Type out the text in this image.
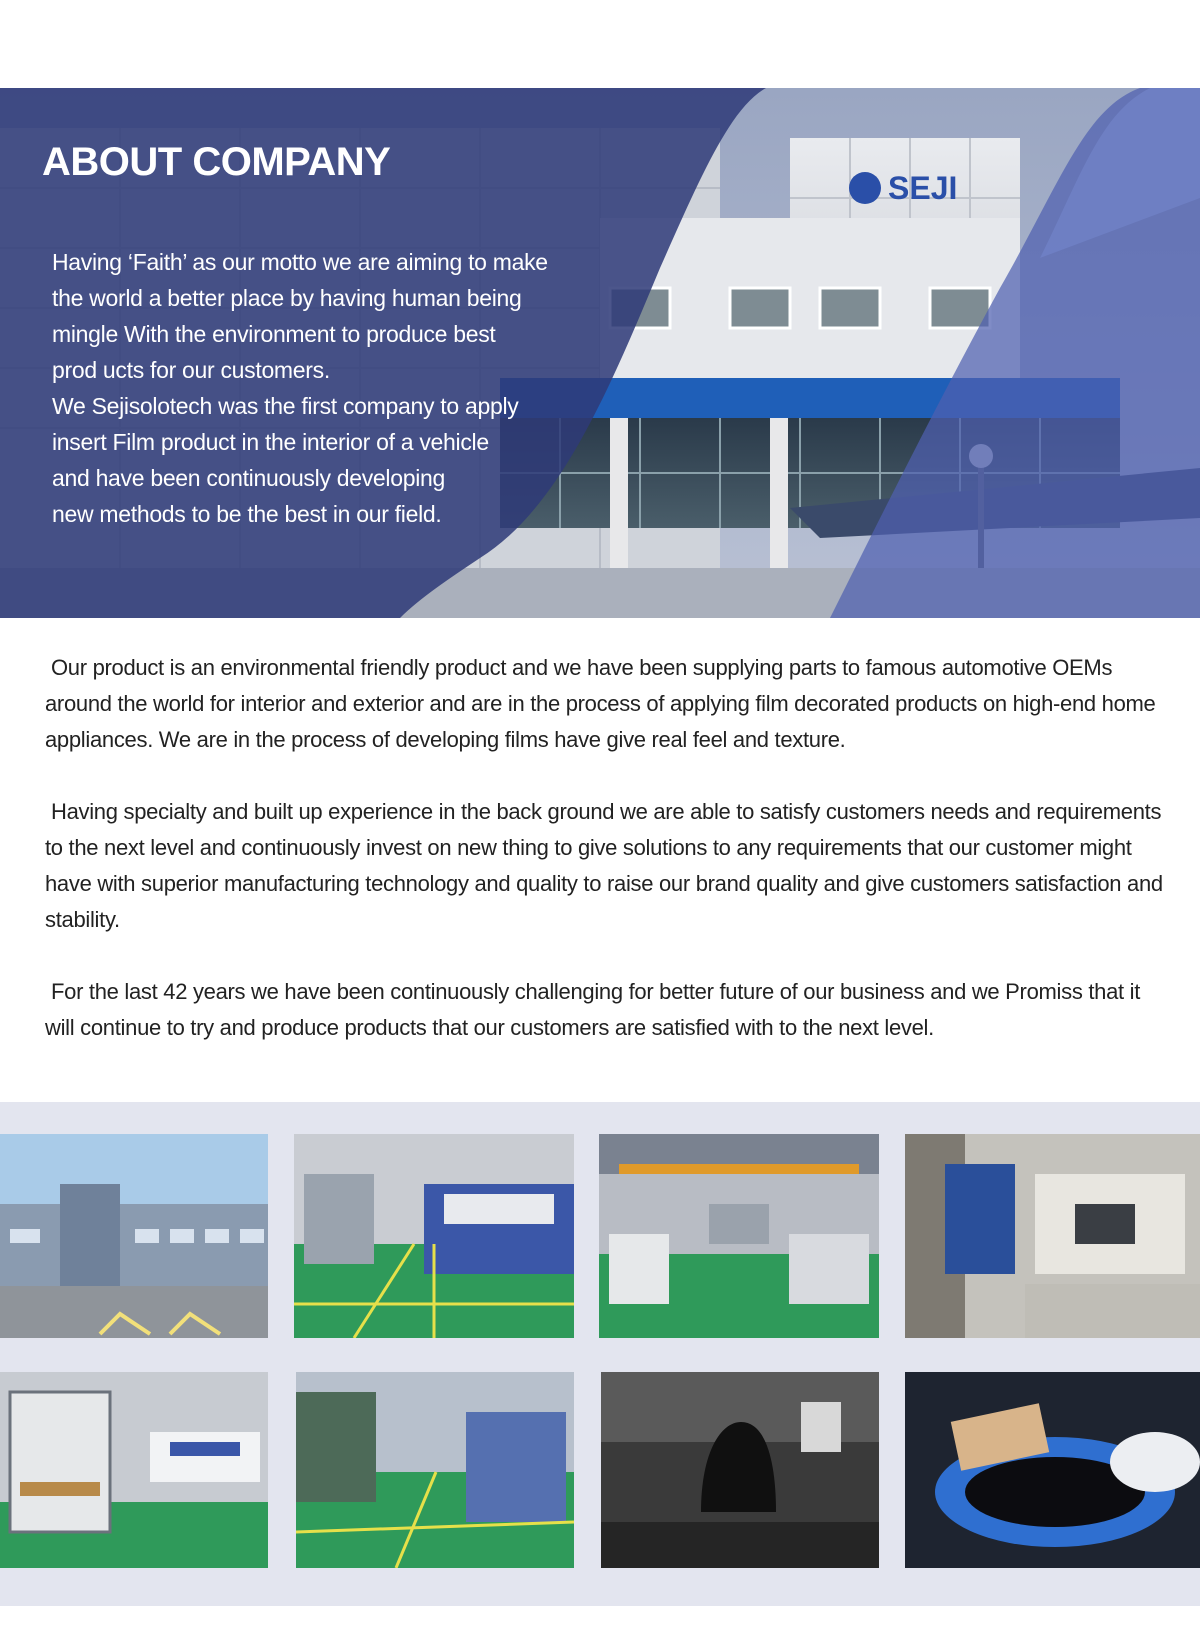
SEJI
ABOUT COMPANY
Having ‘Faith’ as our motto we are aiming to make
the world a better place by having human being
mingle With the environment to produce best
prod ucts for our customers.
We Sejisolotech was the first company to apply
insert Film product in the interior of a vehicle
and have been continuously developing
new methods to be the best in our field.

Our product is an environmental friendly product and we have been supplying parts to famous automotive OEMs around the world for interior and exterior and are in the process of applying film decorated products on high-end home appliances. We are in the process of developing films have give real feel and texture.

Having specialty and built up experience in the back ground we are able to satisfy customers needs and requirements to the next level and continuously invest on new thing to give solutions to any requirements that our customer might have with superior manufacturing technology and quality to raise our brand quality and give customers satisfaction and stability.

For the last 42 years we have been continuously challenging for better future of our business and we Promiss that it will continue to try and produce products that our customers are satisfied with to the next level.
